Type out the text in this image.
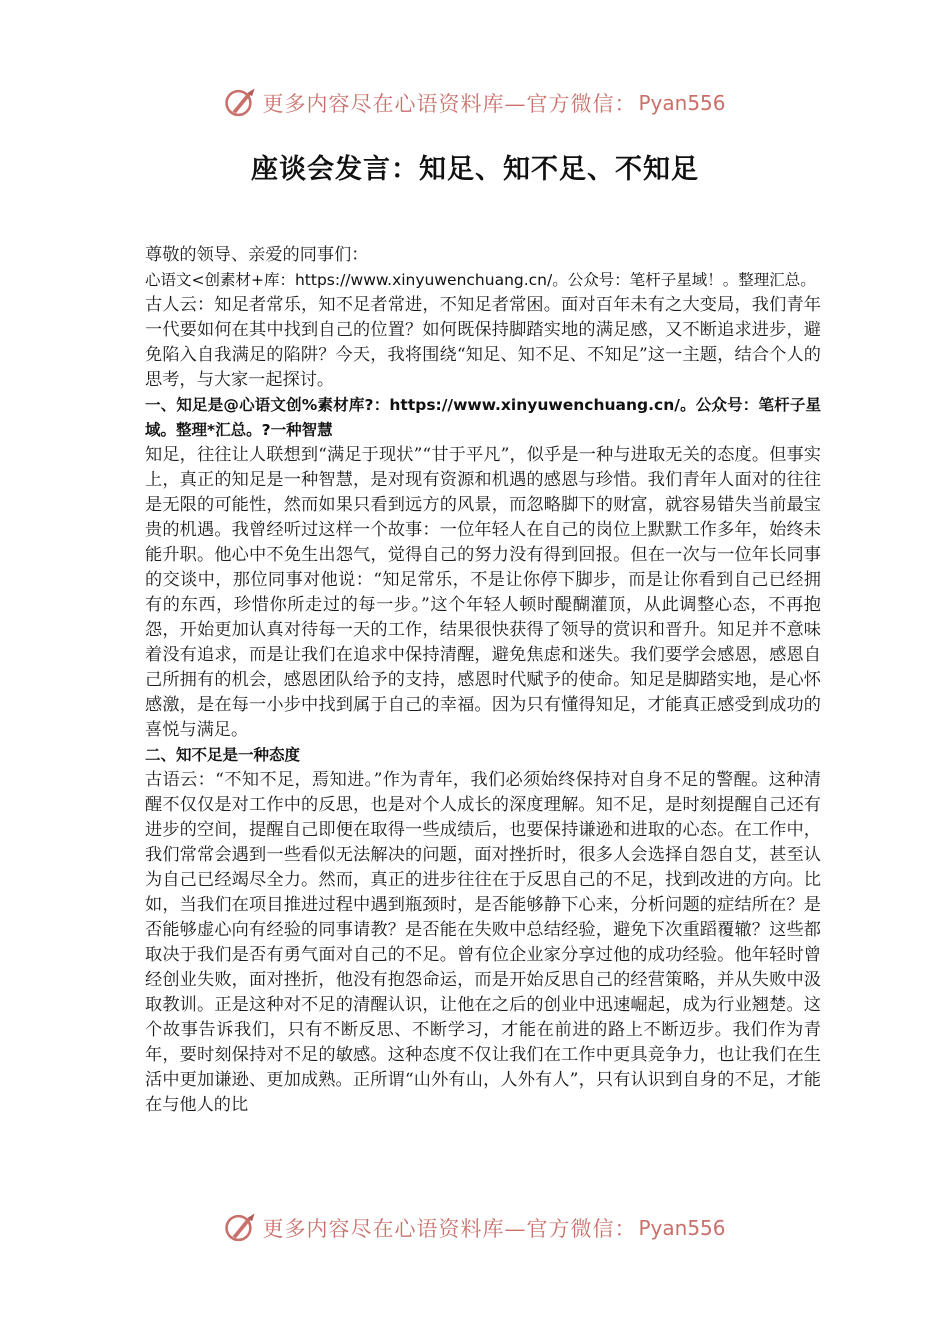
更多内容尽在心语资料库—官方微信： Pyan556
座谈会发言：知足、知不足、不知足

尊敬的领导、亲爱的同事们：

心语文<创素材+库：https://www.xinyuwenchuang.cn/。公众号：笔杆子星域！。整理汇总。

古人云：知足者常乐，知不足者常进，不知足者常困。面对百年未有之大变局，我们青年一代要如何在其中找到自己的位置？如何既保持脚踏实地的满足感，又不断追求进步，避免陷入自我满足的陷阱？今天，我将围绕“知足、知不足、不知足”这一主题，结合个人的思考，与大家一起探讨。

一、知足是@心语文创%素材库?：https://www.xinyuwenchuang.cn/。公众号：笔杆子星域。整理*汇总。?一种智慧

知足，往往让人联想到“满足于现状”“甘于平凡”，似乎是一种与进取无关的态度。但事实上，真正的知足是一种智慧，是对现有资源和机遇的感恩与珍惜。我们青年人面对的往往是无限的可能性，然而如果只看到远方的风景，而忽略脚下的财富，就容易错失当前最宝贵的机遇。我曾经听过这样一个故事：一位年轻人在自己的岗位上默默工作多年，始终未能升职。他心中不免生出怨气，觉得自己的努力没有得到回报。但在一次与一位年长同事的交谈中，那位同事对他说：“知足常乐，不是让你停下脚步，而是让你看到自己已经拥有的东西，珍惜你所走过的每一步。”这个年轻人顿时醍醐灌顶，从此调整心态，不再抱怨，开始更加认真对待每一天的工作，结果很快获得了领导的赏识和晋升。知足并不意味着没有追求，而是让我们在追求中保持清醒，避免焦虑和迷失。我们要学会感恩，感恩自己所拥有的机会，感恩团队给予的支持，感恩时代赋予的使命。知足是脚踏实地，是心怀感激，是在每一小步中找到属于自己的幸福。因为只有懂得知足，才能真正感受到成功的喜悦与满足。

二、知不足是一种态度

古语云：“不知不足，焉知进。”作为青年，我们必须始终保持对自身不足的警醒。这种清醒不仅仅是对工作中的反思，也是对个人成长的深度理解。知不足，是时刻提醒自己还有进步的空间，提醒自己即便在取得一些成绩后，也要保持谦逊和进取的心态。在工作中，我们常常会遇到一些看似无法解决的问题，面对挫折时，很多人会选择自怨自艾，甚至认为自己已经竭尽全力。然而，真正的进步往往在于反思自己的不足，找到改进的方向。比如，当我们在项目推进过程中遇到瓶颈时，是否能够静下心来，分析问题的症结所在？是否能够虚心向有经验的同事请教？是否能在失败中总结经验，避免下次重蹈覆辙？这些都取决于我们是否有勇气面对自己的不足。曾有位企业家分享过他的成功经验。他年轻时曾经创业失败，面对挫折，他没有抱怨命运，而是开始反思自己的经营策略，并从失败中汲取教训。正是这种对不足的清醒认识，让他在之后的创业中迅速崛起，成为行业翘楚。这个故事告诉我们，只有不断反思、不断学习，才能在前进的路上不断迈步。我们作为青年，要时刻保持对不足的敏感。这种态度不仅让我们在工作中更具竞争力，也让我们在生活中更加谦逊、更加成熟。正所谓“山外有山，人外有人”，只有认识到自身的不足，才能在与他人的比

更多内容尽在心语资料库—官方微信： Pyan556
